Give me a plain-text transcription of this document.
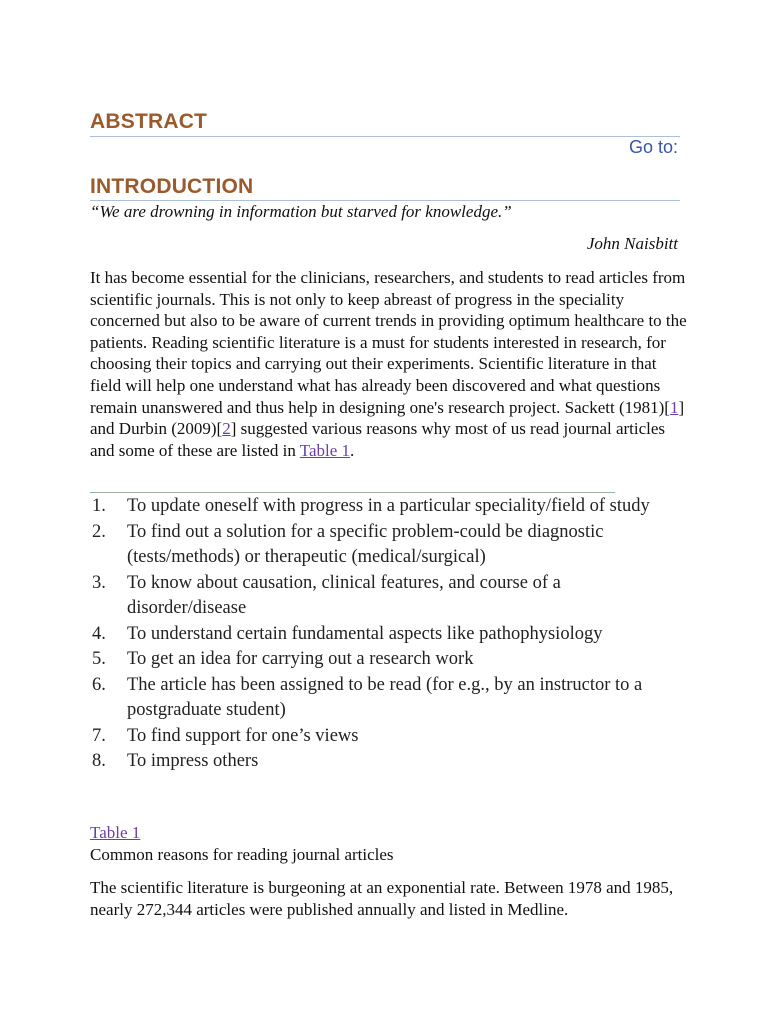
ABSTRACT
Go to:
INTRODUCTION
“We are drowning in information but starved for knowledge.”
John Naisbitt

It has become essential for the clinicians, researchers, and students to read articles from scientific journals. This is not only to keep abreast of progress in the speciality concerned but also to be aware of current trends in providing optimum healthcare to the patients. Reading scientific literature is a must for students interested in research, for choosing their topics and carrying out their experiments. Scientific literature in that field will help one understand what has already been discovered and what questions remain unanswered and thus help in designing one's research project. Sackett (1981)[1] and Durbin (2009)[2] suggested various reasons why most of us read journal articles and some of these are listed in Table 1.

1. To update oneself with progress in a particular speciality/field of study
2. To find out a solution for a specific problem-could be diagnostic (tests/methods) or therapeutic (medical/surgical)
3. To know about causation, clinical features, and course of a disorder/disease
4. To understand certain fundamental aspects like pathophysiology
5. To get an idea for carrying out a research work
6. The article has been assigned to be read (for e.g., by an instructor to a postgraduate student)
7. To find support for one’s views
8. To impress others
Table 1
Common reasons for reading journal articles

The scientific literature is burgeoning at an exponential rate. Between 1978 and 1985, nearly 272,344 articles were published annually and listed in Medline.
